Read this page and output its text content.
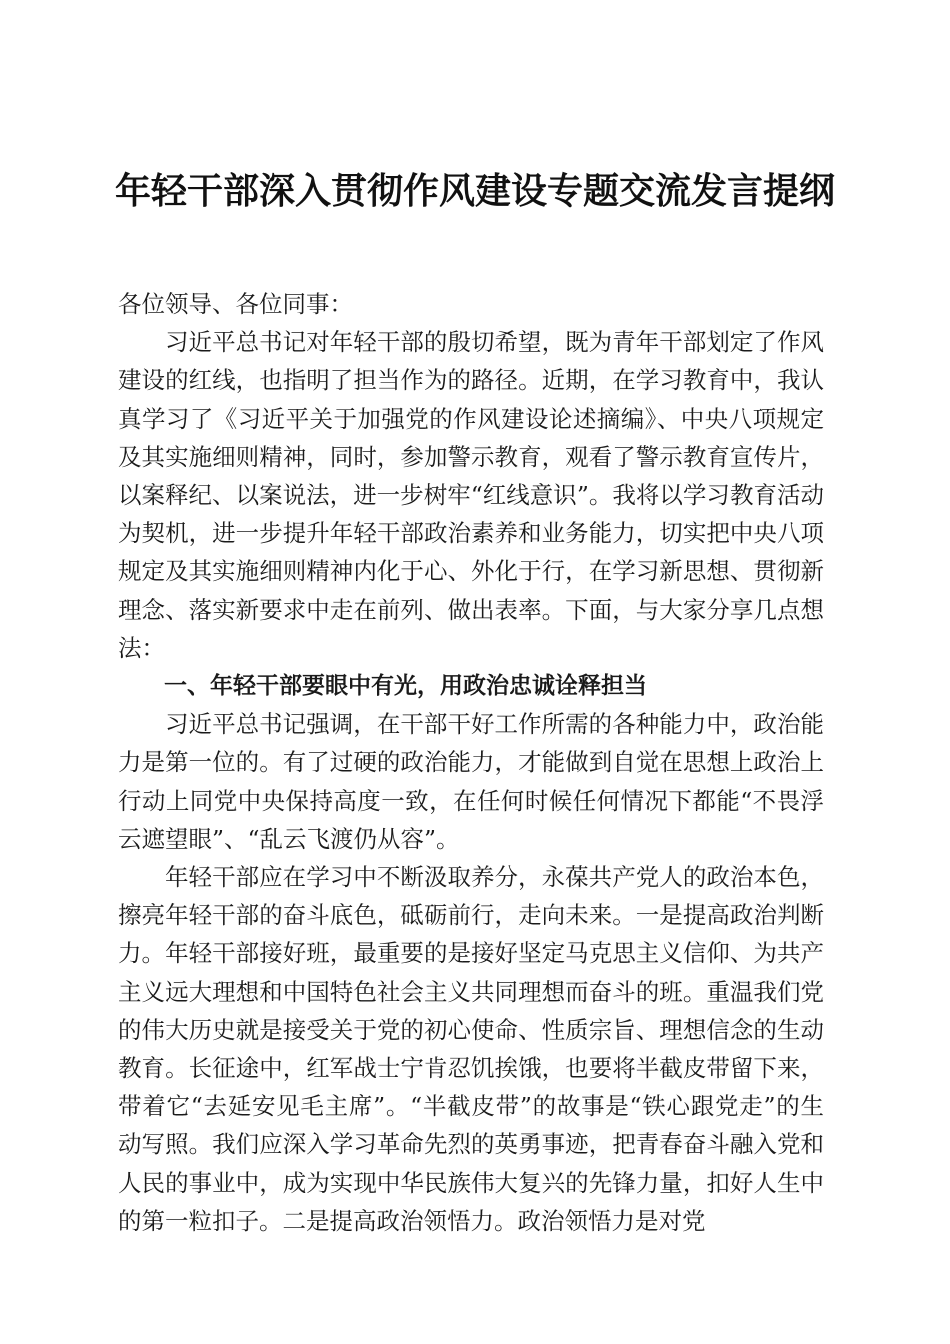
年轻干部深入贯彻作风建设专题交流发言提纲

各位领导、各位同事：

习近平总书记对年轻干部的殷切希望，既为青年干部划定了作风建设的红线，也指明了担当作为的路径。近期，在学习教育中，我认真学习了《习近平关于加强党的作风建设论述摘编》、中央八项规定及其实施细则精神，同时，参加警示教育，观看了警示教育宣传片，以案释纪、以案说法，进一步树牢“红线意识”。我将以学习教育活动为契机，进一步提升年轻干部政治素养和业务能力，切实把中央八项规定及其实施细则精神内化于心、外化于行，在学习新思想、贯彻新理念、落实新要求中走在前列、做出表率。下面，与大家分享几点想法：

一、年轻干部要眼中有光，用政治忠诚诠释担当

习近平总书记强调，在干部干好工作所需的各种能力中，政治能力是第一位的。有了过硬的政治能力，才能做到自觉在思想上政治上行动上同党中央保持高度一致，在任何时候任何情况下都能“不畏浮云遮望眼”、“乱云飞渡仍从容”。

年轻干部应在学习中不断汲取养分，永葆共产党人的政治本色，擦亮年轻干部的奋斗底色，砥砺前行，走向未来。一是提高政治判断力。年轻干部接好班，最重要的是接好坚定马克思主义信仰、为共产主义远大理想和中国特色社会主义共同理想而奋斗的班。重温我们党的伟大历史就是接受关于党的初心使命、性质宗旨、理想信念的生动教育。长征途中，红军战士宁肯忍饥挨饿，也要将半截皮带留下来，带着它“去延安见毛主席”。“半截皮带”的故事是“铁心跟党走”的生动写照。我们应深入学习革命先烈的英勇事迹，把青春奋斗融入党和人民的事业中，成为实现中华民族伟大复兴的先锋力量，扣好人生中的第一粒扣子。二是提高政治领悟力。政治领悟力是对党
